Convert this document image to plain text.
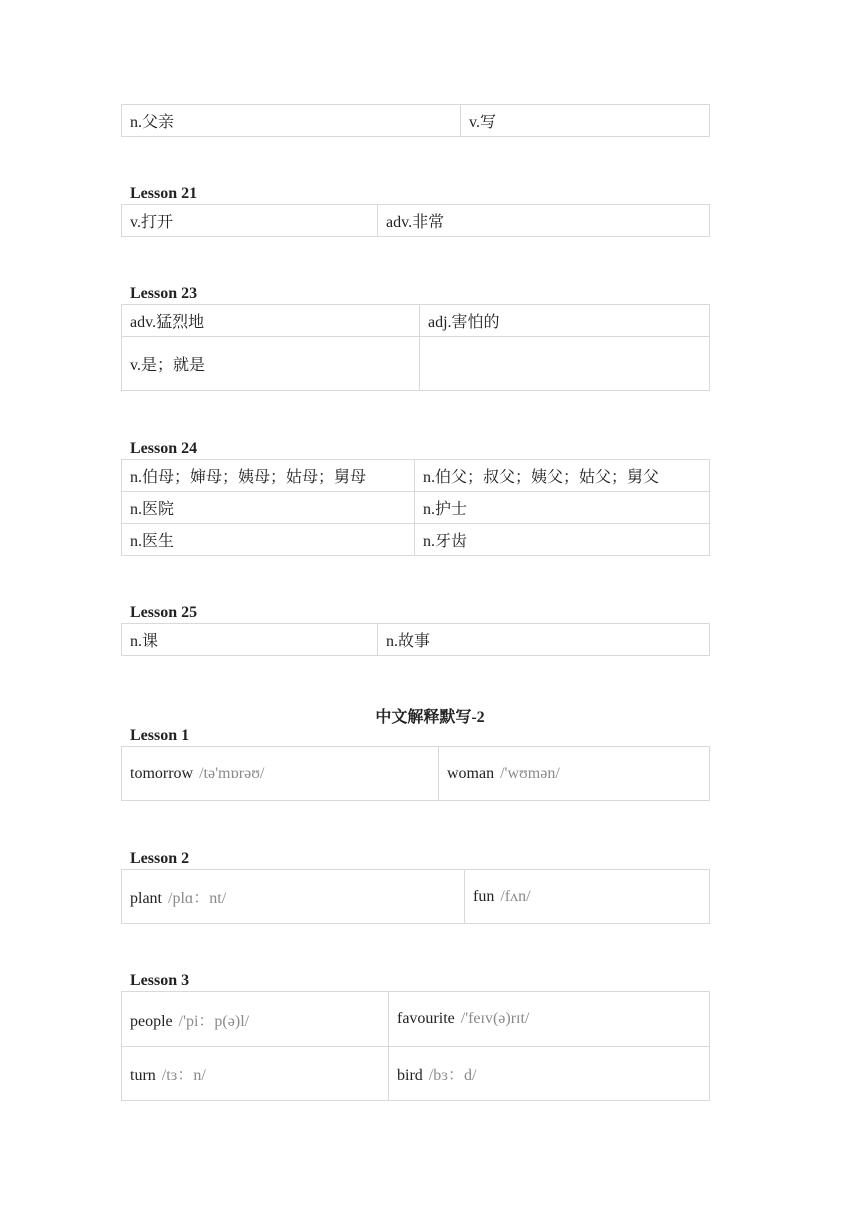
n.父亲	v.写
Lesson 21
v.打开	adv.非常
Lesson 23
adv.猛烈地	adj.害怕的
v.是；就是	
Lesson 24
n.伯母；婶母；姨母；姑母；舅母	n.伯父；叔父；姨父；姑父；舅父
n.医院	n.护士
n.医生	n.牙齿
Lesson 25
n.课	n.故事
中文解释默写-2
Lesson 1
tomorrow /tə'mɒrəʊ/	woman /'wʊmən/
Lesson 2
plant /plɑ：nt/	fun /fʌn/
Lesson 3
people /'pi：p(ə)l/	favourite /'feɪv(ə)rɪt/
turn /tɜ：n/	bird /bɜ：d/
